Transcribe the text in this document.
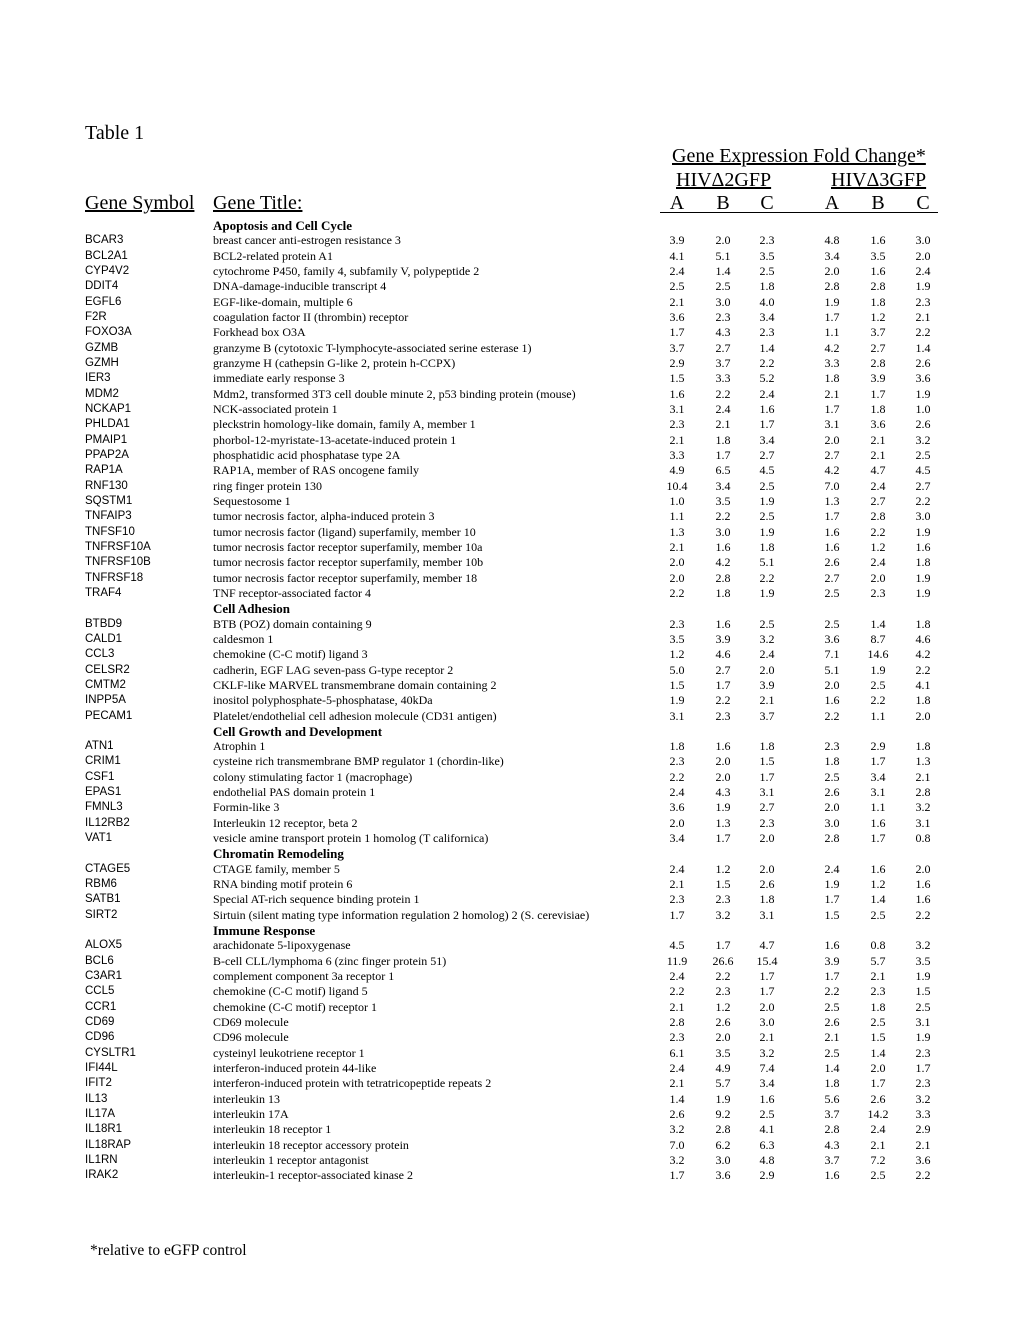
Table 1
Gene Expression Fold Change*
HIVΔ2GFP	HIVΔ3GFP
Gene Symbol Gene Title:	A B C	A B C
Apoptosis and Cell Cycle
BCAR3	breast cancer anti-estrogen resistance 3	3.9	2.0	2.3	4.8	1.6	3.0
BCL2A1	BCL2-related protein A1	4.1	5.1	3.5	3.4	3.5	2.0
CYP4V2	cytochrome P450, family 4, subfamily V, polypeptide 2	2.4	1.4	2.5	2.0	1.6	2.4
DDIT4	DNA-damage-inducible transcript 4	2.5	2.5	1.8	2.8	2.8	1.9
EGFL6	EGF-like-domain, multiple 6	2.1	3.0	4.0	1.9	1.8	2.3
F2R	coagulation factor II (thrombin) receptor	3.6	2.3	3.4	1.7	1.2	2.1
FOXO3A	Forkhead box O3A	1.7	4.3	2.3	1.1	3.7	2.2
GZMB	granzyme B (cytotoxic T-lymphocyte-associated serine esterase 1)	3.7	2.7	1.4	4.2	2.7	1.4
GZMH	granzyme H (cathepsin G-like 2, protein h-CCPX)	2.9	3.7	2.2	3.3	2.8	2.6
IER3	immediate early response 3	1.5	3.3	5.2	1.8	3.9	3.6
MDM2	Mdm2, transformed 3T3 cell double minute 2, p53 binding protein (mouse)	1.6	2.2	2.4	2.1	1.7	1.9
NCKAP1	NCK-associated protein 1	3.1	2.4	1.6	1.7	1.8	1.0
PHLDA1	pleckstrin homology-like domain, family A, member 1	2.3	2.1	1.7	3.1	3.6	2.6
PMAIP1	phorbol-12-myristate-13-acetate-induced protein 1	2.1	1.8	3.4	2.0	2.1	3.2
PPAP2A	phosphatidic acid phosphatase type 2A	3.3	1.7	2.7	2.7	2.1	2.5
RAP1A	RAP1A, member of RAS oncogene family	4.9	6.5	4.5	4.2	4.7	4.5
RNF130	ring finger protein 130	10.4	3.4	2.5	7.0	2.4	2.7
SQSTM1	Sequestosome 1	1.0	3.5	1.9	1.3	2.7	2.2
TNFAIP3	tumor necrosis factor, alpha-induced protein 3	1.1	2.2	2.5	1.7	2.8	3.0
TNFSF10	tumor necrosis factor (ligand) superfamily, member 10	1.3	3.0	1.9	1.6	2.2	1.9
TNFRSF10A	tumor necrosis factor receptor superfamily, member 10a	2.1	1.6	1.8	1.6	1.2	1.6
TNFRSF10B	tumor necrosis factor receptor superfamily, member 10b	2.0	4.2	5.1	2.6	2.4	1.8
TNFRSF18	tumor necrosis factor receptor superfamily, member 18	2.0	2.8	2.2	2.7	2.0	1.9
TRAF4	TNF receptor-associated factor 4	2.2	1.8	1.9	2.5	2.3	1.9
Cell Adhesion
BTBD9	BTB (POZ) domain containing 9	2.3	1.6	2.5	2.5	1.4	1.8
CALD1	caldesmon 1	3.5	3.9	3.2	3.6	8.7	4.6
CCL3	chemokine (C-C motif) ligand 3	1.2	4.6	2.4	7.1	14.6	4.2
CELSR2	cadherin, EGF LAG seven-pass G-type receptor 2	5.0	2.7	2.0	5.1	1.9	2.2
CMTM2	CKLF-like MARVEL transmembrane domain containing 2	1.5	1.7	3.9	2.0	2.5	4.1
INPP5A	inositol polyphosphate-5-phosphatase, 40kDa	1.9	2.2	2.1	1.6	2.2	1.8
PECAM1	Platelet/endothelial cell adhesion molecule (CD31 antigen)	3.1	2.3	3.7	2.2	1.1	2.0
Cell Growth and Development
ATN1	Atrophin 1	1.8	1.6	1.8	2.3	2.9	1.8
CRIM1	cysteine rich transmembrane BMP regulator 1 (chordin-like)	2.3	2.0	1.5	1.8	1.7	1.3
CSF1	colony stimulating factor 1 (macrophage)	2.2	2.0	1.7	2.5	3.4	2.1
EPAS1	endothelial PAS domain protein 1	2.4	4.3	3.1	2.6	3.1	2.8
FMNL3	Formin-like 3	3.6	1.9	2.7	2.0	1.1	3.2
IL12RB2	Interleukin 12 receptor, beta 2	2.0	1.3	2.3	3.0	1.6	3.1
VAT1	vesicle amine transport protein 1 homolog (T californica)	3.4	1.7	2.0	2.8	1.7	0.8
Chromatin Remodeling
CTAGE5	CTAGE family, member 5	2.4	1.2	2.0	2.4	1.6	2.0
RBM6	RNA binding motif protein 6	2.1	1.5	2.6	1.9	1.2	1.6
SATB1	Special AT-rich sequence binding protein 1	2.3	2.3	1.8	1.7	1.4	1.6
SIRT2	Sirtuin (silent mating type information regulation 2 homolog) 2 (S. cerevisiae)	1.7	3.2	3.1	1.5	2.5	2.2
Immune Response
ALOX5	arachidonate 5-lipoxygenase	4.5	1.7	4.7	1.6	0.8	3.2
BCL6	B-cell CLL/lymphoma 6 (zinc finger protein 51)	11.9	26.6	15.4	3.9	5.7	3.5
C3AR1	complement component 3a receptor 1	2.4	2.2	1.7	1.7	2.1	1.9
CCL5	chemokine (C-C motif) ligand 5	2.2	2.3	1.7	2.2	2.3	1.5
CCR1	chemokine (C-C motif) receptor 1	2.1	1.2	2.0	2.5	1.8	2.5
CD69	CD69 molecule	2.8	2.6	3.0	2.6	2.5	3.1
CD96	CD96 molecule	2.3	2.0	2.1	2.1	1.5	1.9
CYSLTR1	cysteinyl leukotriene receptor 1	6.1	3.5	3.2	2.5	1.4	2.3
IFI44L	interferon-induced protein 44-like	2.4	4.9	7.4	1.4	2.0	1.7
IFIT2	interferon-induced protein with tetratricopeptide repeats 2	2.1	5.7	3.4	1.8	1.7	2.3
IL13	interleukin 13	1.4	1.9	1.6	5.6	2.6	3.2
IL17A	interleukin 17A	2.6	9.2	2.5	3.7	14.2	3.3
IL18R1	interleukin 18 receptor 1	3.2	2.8	4.1	2.8	2.4	2.9
IL18RAP	interleukin 18 receptor accessory protein	7.0	6.2	6.3	4.3	2.1	2.1
IL1RN	interleukin 1 receptor antagonist	3.2	3.0	4.8	3.7	7.2	3.6
IRAK2	interleukin-1 receptor-associated kinase 2	1.7	3.6	2.9	1.6	2.5	2.2
*relative to eGFP control
